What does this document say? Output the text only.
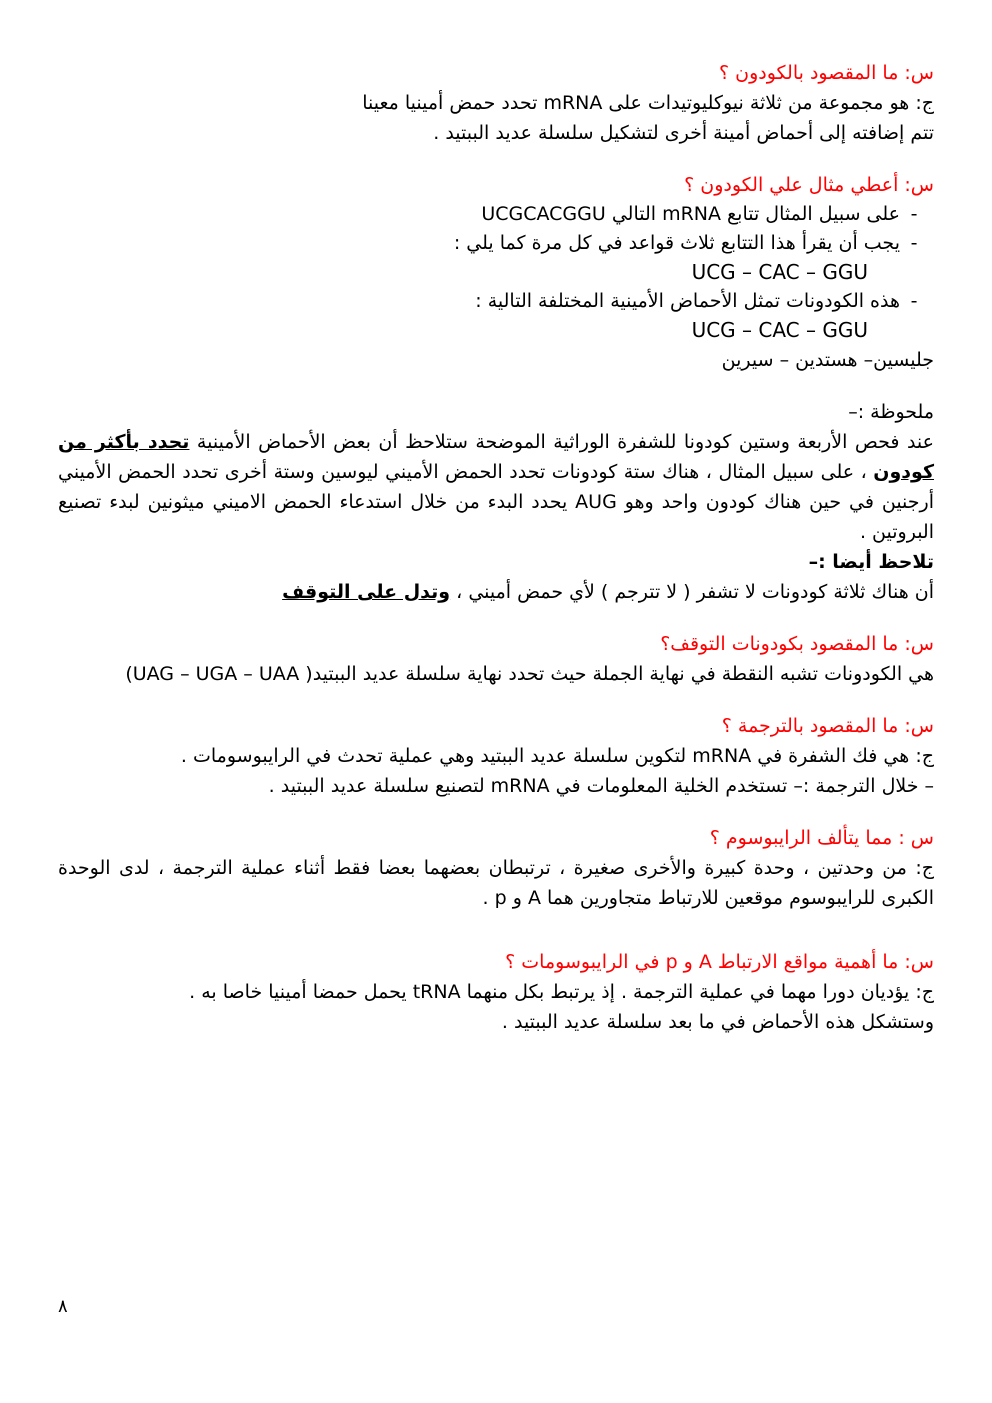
س: ما المقصود بالكودون ؟

ج: هو مجموعة من ثلاثة نيوكليوتيدات على mRNA تحدد حمض أمينيا معينا

تتم إضافته إلى أحماض أمينة أخرى لتشكيل سلسلة عديد الببتيد .

س: أعطي مثال علي الكودون ؟

-
على سبيل المثال تتابع mRNA التالي UCGCACGGU
-
يجب أن يقرأ هذا التتابع ثلاث قواعد في كل مرة كما يلي :
UCG – CAC – GGU
-
هذه الكودونات تمثل الأحماض الأمينية المختلفة التالية :
UCG – CAC – GGU

جليسين– هستدين – سيرين

ملحوظة :–

عند فحص الأربعة وستين كودونا للشفرة الوراثية الموضحة ستلاحظ أن بعض الأحماض الأمينية تحدد بأكثر من كودون ، على سبيل المثال ، هناك ستة كودونات تحدد الحمض الأميني ليوسين وستة أخرى تحدد الحمض الأميني أرجنين في حين هناك كودون واحد وهو AUG يحدد البدء من خلال استدعاء الحمض الاميني ميثونين لبدء تصنيع البروتين .

تلاحظ أيضا :–

أن هناك ثلاثة كودونات لا تشفر ( لا تترجم ) لأي حمض أميني ، وتدل على التوقف

س: ما المقصود بكودونات التوقف؟

هي الكودونات تشبه النقطة في نهاية الجملة حيث تحدد نهاية سلسلة عديد الببتيد( UAG – UGA – UAA)

س: ما المقصود بالترجمة ؟

ج: هي فك الشفرة في mRNA لتكوين سلسلة عديد الببتيد وهي عملية تحدث في الرايبوسومات .

– خلال الترجمة :– تستخدم الخلية المعلومات في mRNA لتصنيع سلسلة عديد الببتيد .

س : مما يتألف الرايبوسوم ؟

ج: من وحدتين ، وحدة كبيرة والأخرى صغيرة ، ترتبطان بعضهما بعضا فقط أثناء عملية الترجمة ، لدى الوحدة الكبرى للرايبوسوم موقعين للارتباط متجاورين هما A و p .

س: ما أهمية مواقع الارتباط A و p في الرايبوسومات ؟

ج: يؤديان دورا مهما في عملية الترجمة . إذ يرتبط بكل منهما tRNA يحمل حمضا أمينيا خاصا به .

وستشكل هذه الأحماض في ما بعد سلسلة عديد الببتيد .

٨
